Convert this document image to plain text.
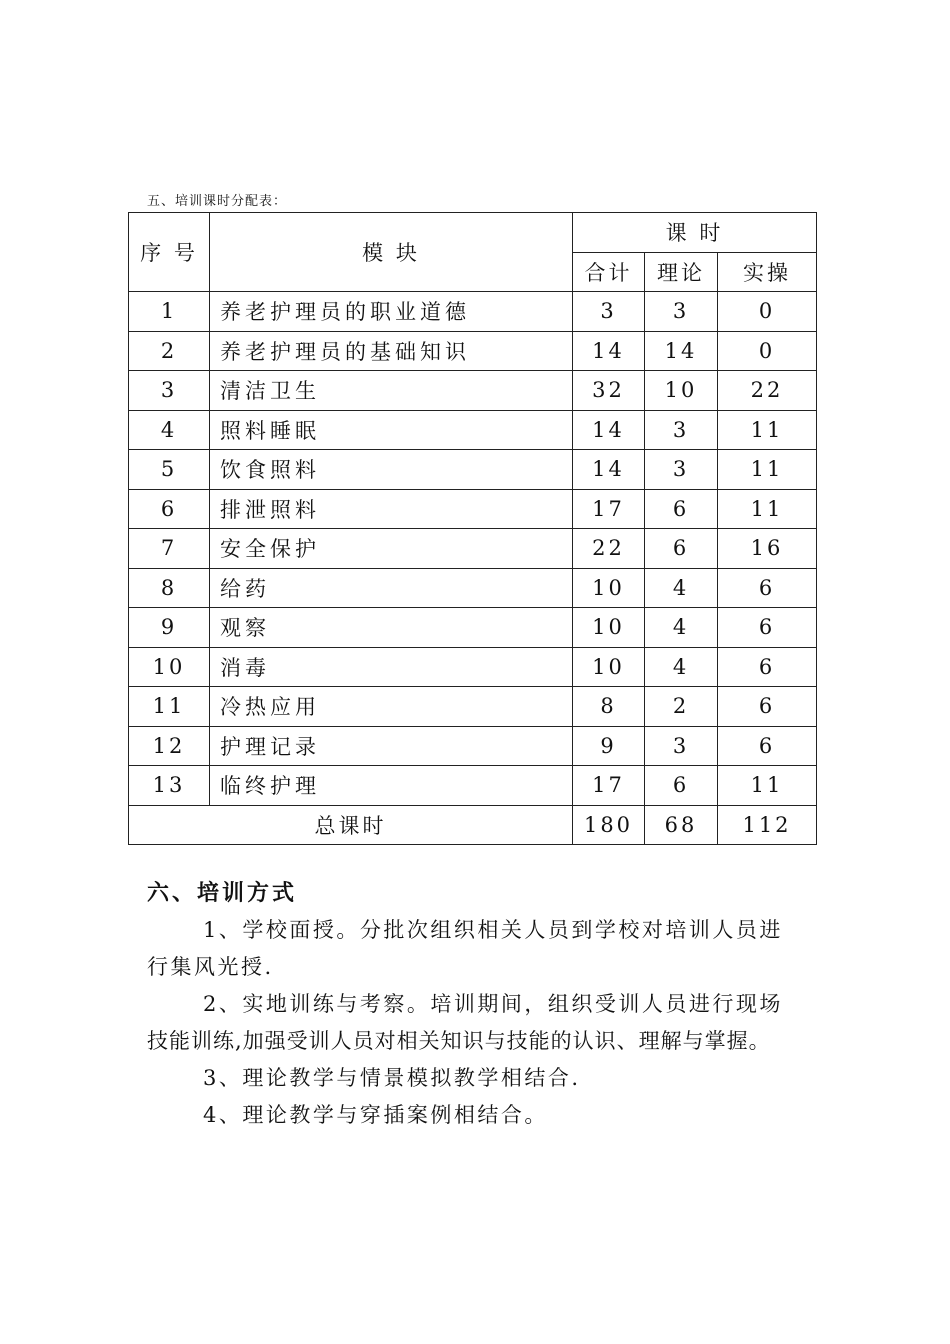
五、培训课时分配表：
序 号	模 块	课 时		
		合计	理论	实操
1	养老护理员的职业道德	3	3	0
2	养老护理员的基础知识	14	14	0
3	清洁卫生	32	10	22
4	照料睡眠	14	3	11
5	饮食照料	14	3	11
6	排泄照料	17	6	11
7	安全保护	22	6	16
8	给药	10	4	6
9	观察	10	4	6
10	消毒	10	4	6
11	冷热应用	8	2	6
12	护理记录	9	3	6
13	临终护理	17	6	11
总课时		180	68	112
六、培训方式
1、学校面授。分批次组织相关人员到学校对培训人员进
行集风光授.
2、实地训练与考察。培训期间，组织受训人员进行现场
技能训练,加强受训人员对相关知识与技能的认识、理解与掌握。
3、理论教学与情景模拟教学相结合.
4、理论教学与穿插案例相结合。
